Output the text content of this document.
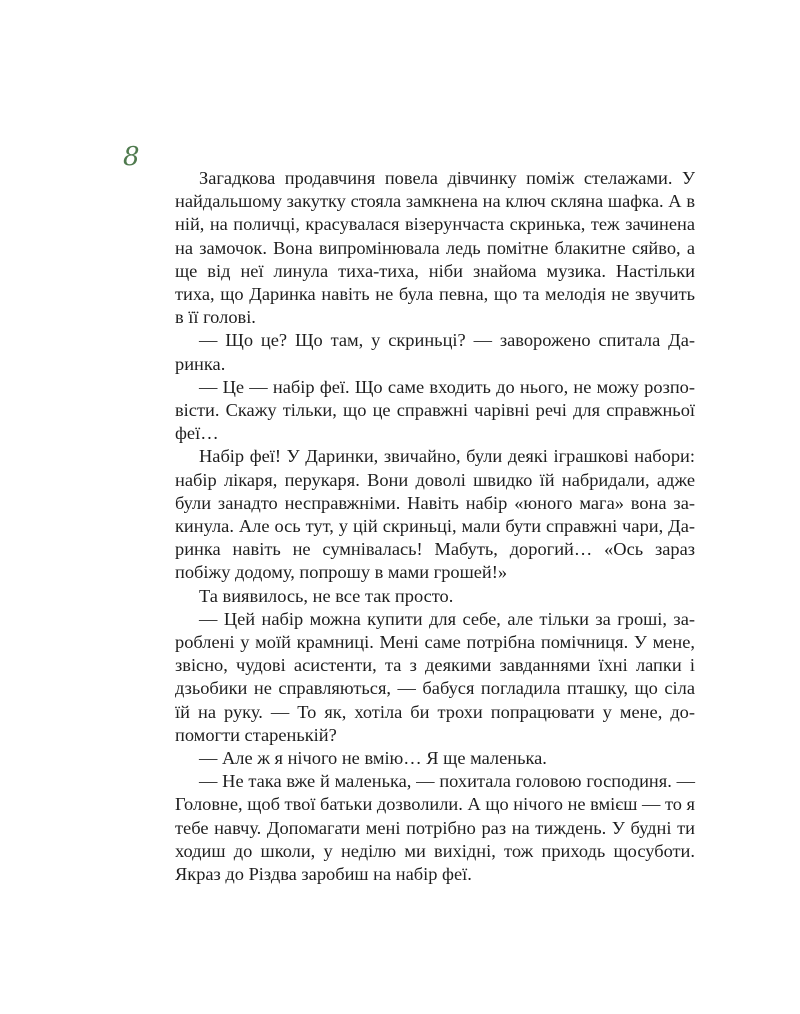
8

Загадкова продавчиня повела дівчинку поміж стелажами. У найдальшому закутку стояла замкнена на ключ скляна шафка. А в ній, на поличці, красувалася візерунчаста скринька, теж зачинена на замочок. Вона випромінювала ледь помітне блакитне сяйво, а ще від неї линула тиха-тиха, ніби знайома музика. Настільки тиха, що Даринка навіть не була певна, що та мелодія не звучить в її голові.

— Що це? Що там, у скриньці? — заворожено спитала Даринка.

— Це — набір феї. Що саме входить до нього, не можу розповісти. Скажу тільки, що це справжні чарівні речі для справжньої феї…

Набір феї! У Даринки, звичайно, були деякі іграшкові набори: набір лікаря, перукаря. Вони доволі швидко їй набридали, адже були занадто несправжніми. Навіть набір «юного мага» вона закинула. Але ось тут, у цій скриньці, мали бути справжні чари, Даринка навіть не сумнівалась! Мабуть, дорогий… «Ось зараз побіжу додому, попрошу в мами грошей!»

Та виявилось, не все так просто.

— Цей набір можна купити для себе, але тільки за гроші, зароблені у моїй крамниці. Мені саме потрібна помічниця. У мене, звісно, чудові асистенти, та з деякими завданнями їхні лапки і дзьобики не справляються, — бабуся погладила пташку, що сіла їй на руку. — То як, хотіла би трохи попрацювати у мене, допомогти старенькій?

— Але ж я нічого не вмію… Я ще маленька.

— Не така вже й маленька, — похитала головою господиня. — Головне, щоб твої батьки дозволили. А що нічого не вмієш — то я тебе навчу. Допомагати мені потрібно раз на тиждень. У будні ти ходиш до школи, у неділю ми вихідні, тож приходь щосуботи. Якраз до Різдва заробиш на набір феї.
